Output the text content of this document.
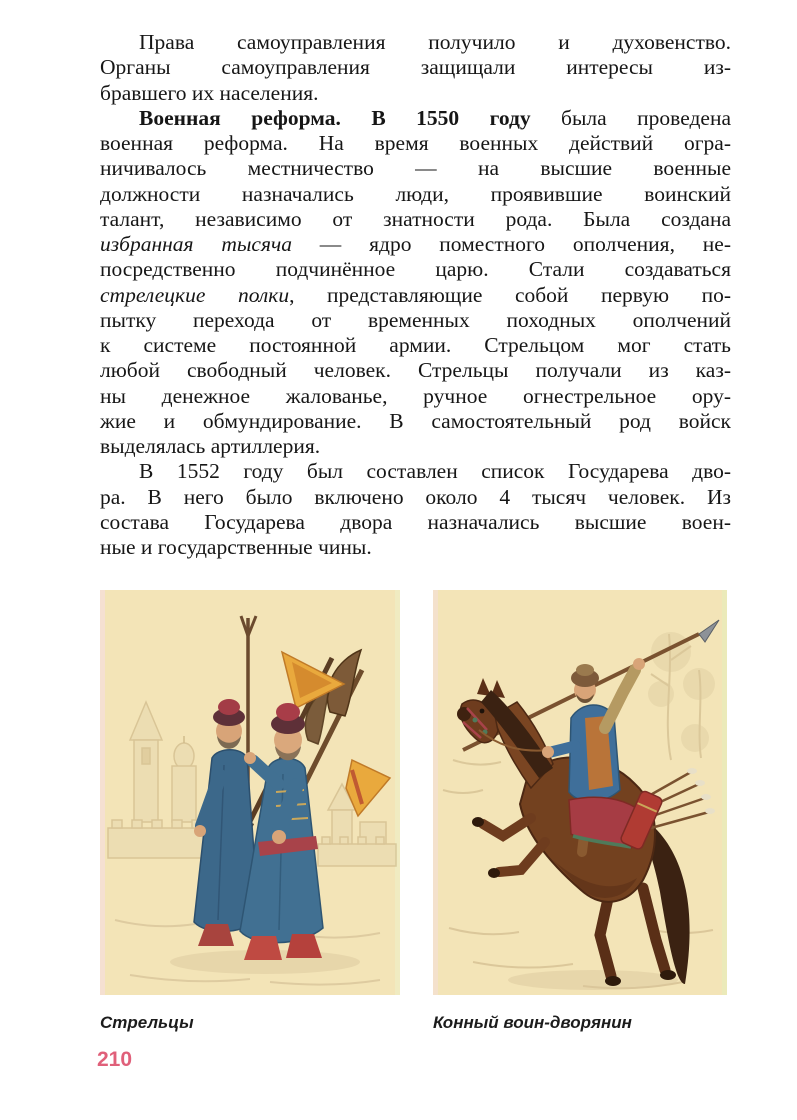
Права самоуправления получило и духовенство.
Органы самоуправления защищали интересы из-
бравшего их населения.
Военная реформа. В 1550 году была проведена
военная реформа. На время военных действий огра-
ничивалось местничество — на высшие военные
должности назначались люди, проявившие воинский
талант, независимо от знатности рода. Была создана
избранная тысяча — ядро поместного ополчения, не-
посредственно подчинённое царю. Стали создаваться
стрелецкие полки, представляющие собой первую по-
пытку перехода от временных походных ополчений
к системе постоянной армии. Стрельцом мог стать
любой свободный человек. Стрельцы получали из каз-
ны денежное жалованье, ручное огнестрельное ору-
жие и обмундирование. В самостоятельный род войск
выделялась артиллерия.
В 1552 году был составлен список Государева дво-
ра. В него было включено около 4 тысяч человек. Из
состава Государева двора назначались высшие воен-
ные и государственные чины.
Стрельцы	Конный воин-дворянин
210
